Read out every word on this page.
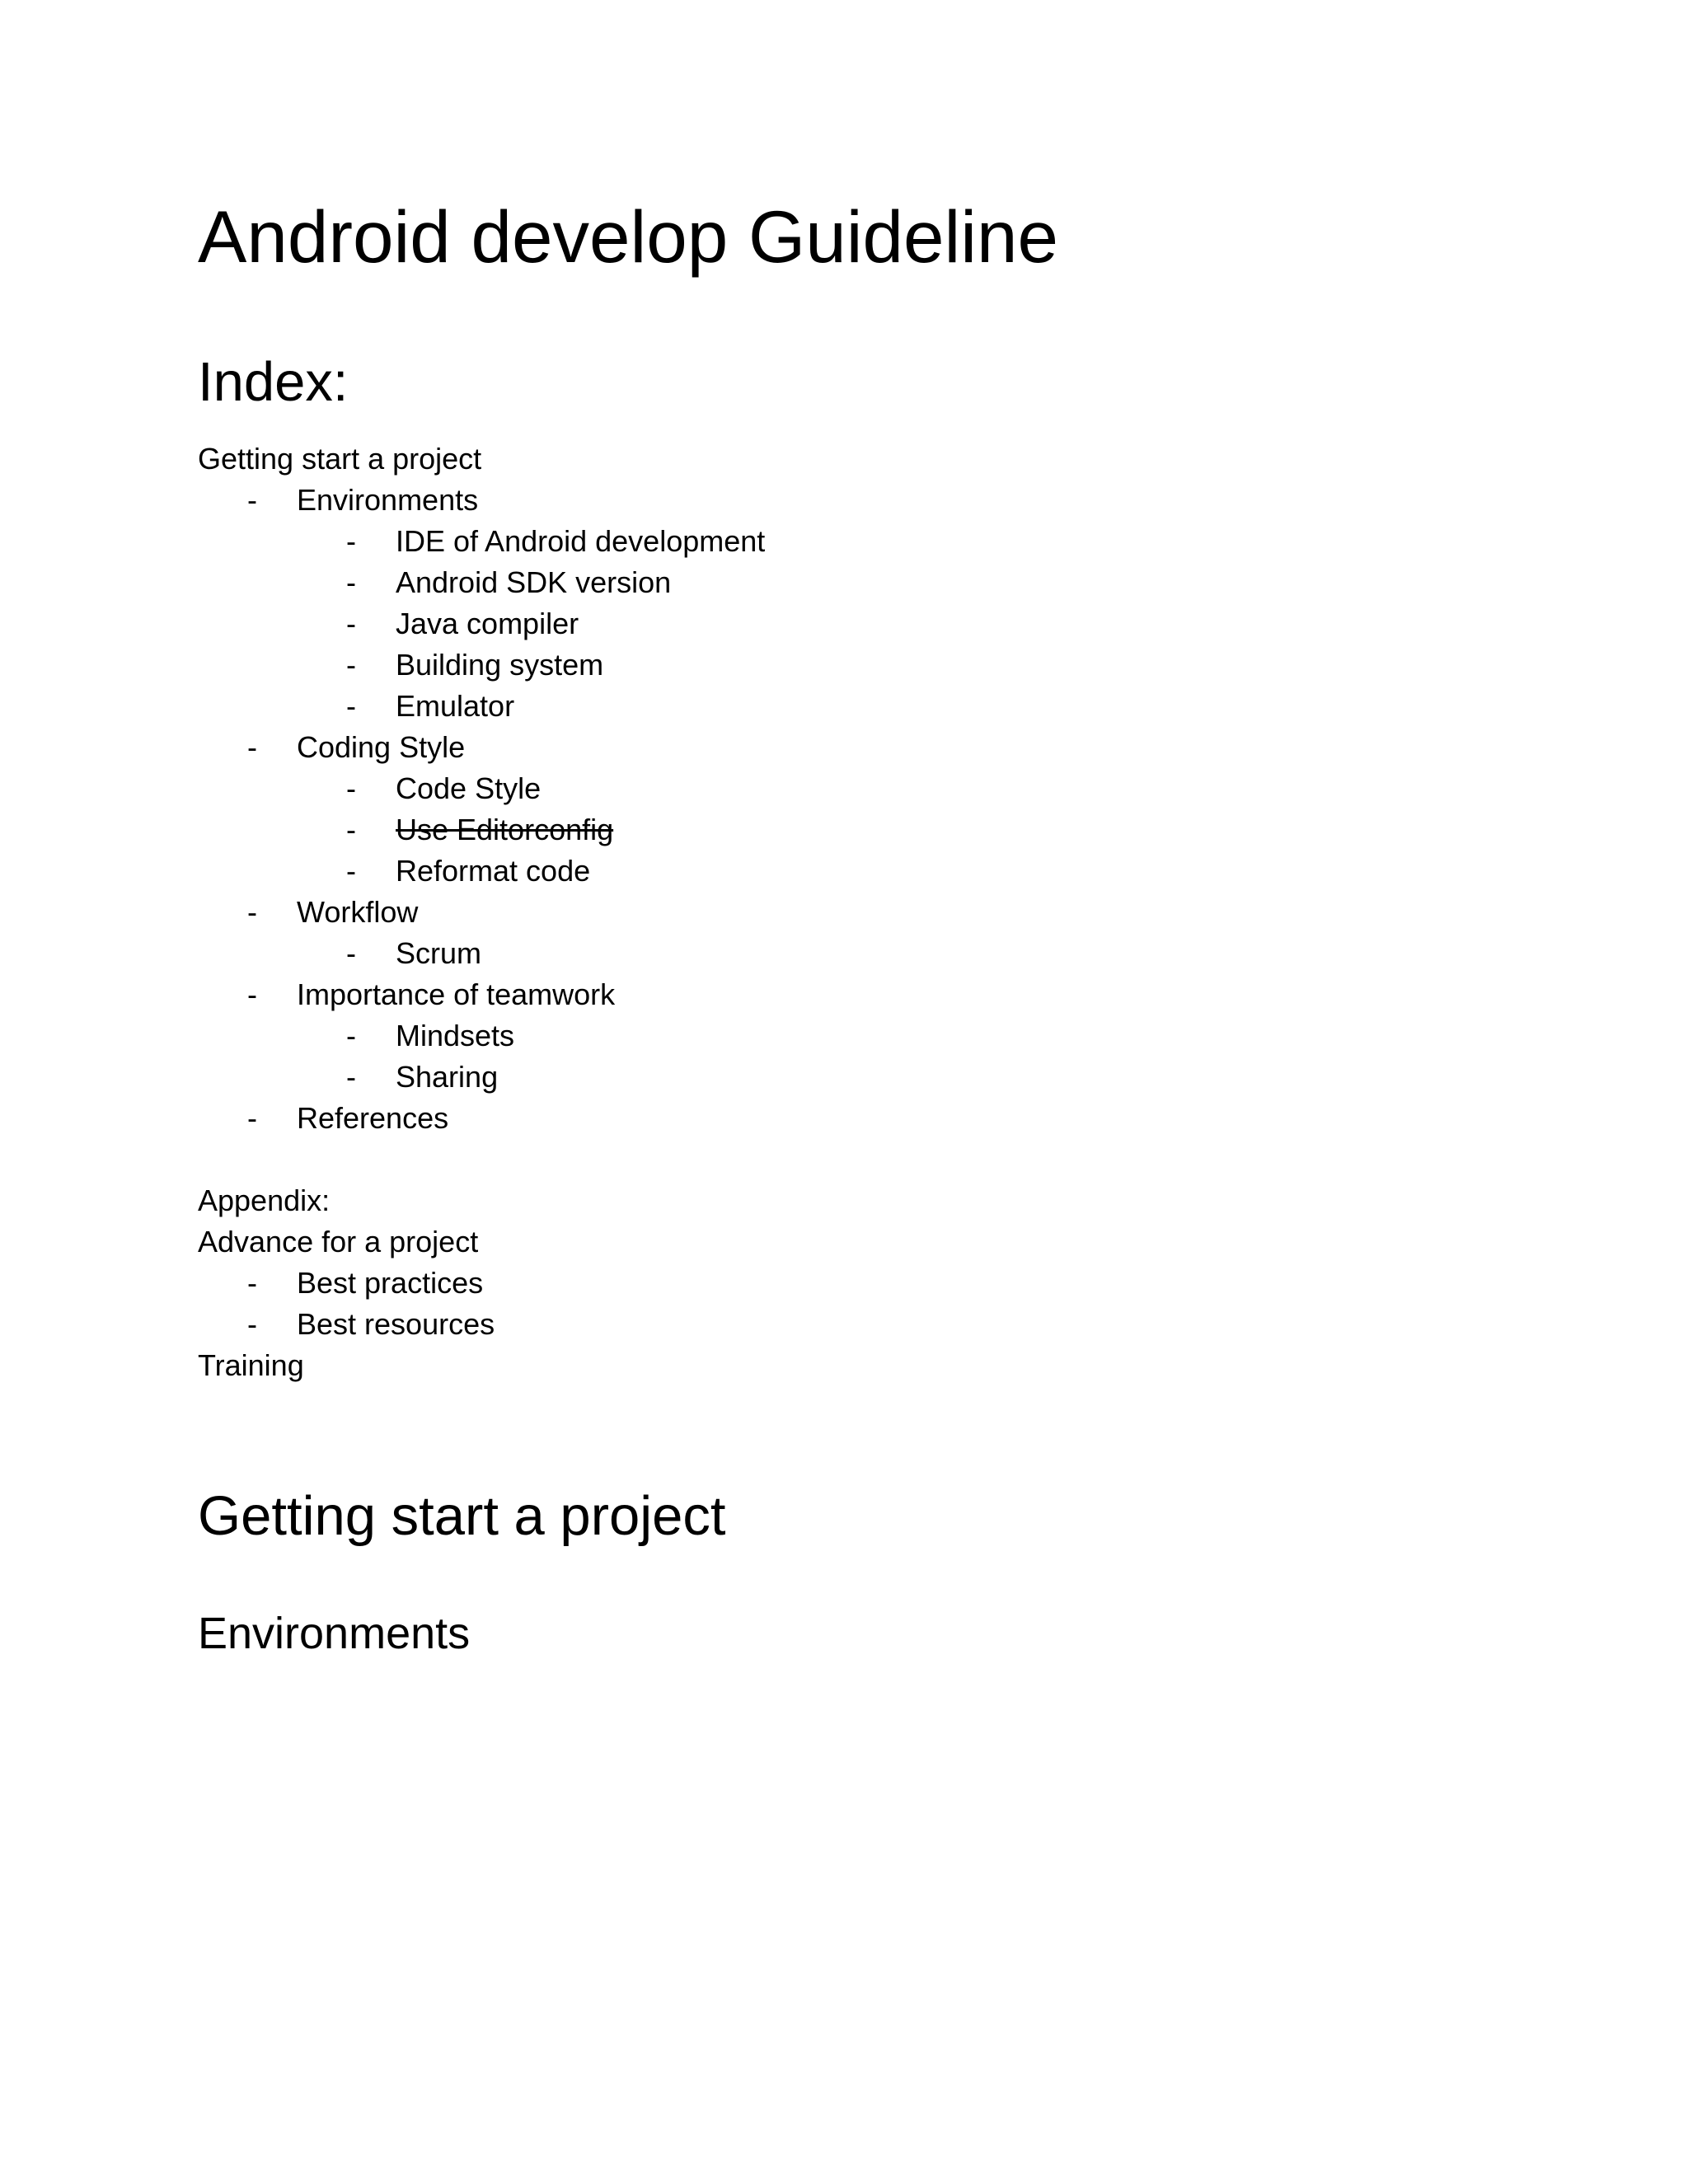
Android develop Guideline
Index:
Getting start a project
- Environments
- IDE of Android development
- Android SDK version
- Java compiler
- Building system
- Emulator
- Coding Style
- Code Style
- Use Editorconfig
- Reformat code
- Workflow
- Scrum
- Importance of teamwork
- Mindsets
- Sharing
- References
Appendix:
Advance for a project
- Best practices
- Best resources
Training
Getting start a project
Environments
